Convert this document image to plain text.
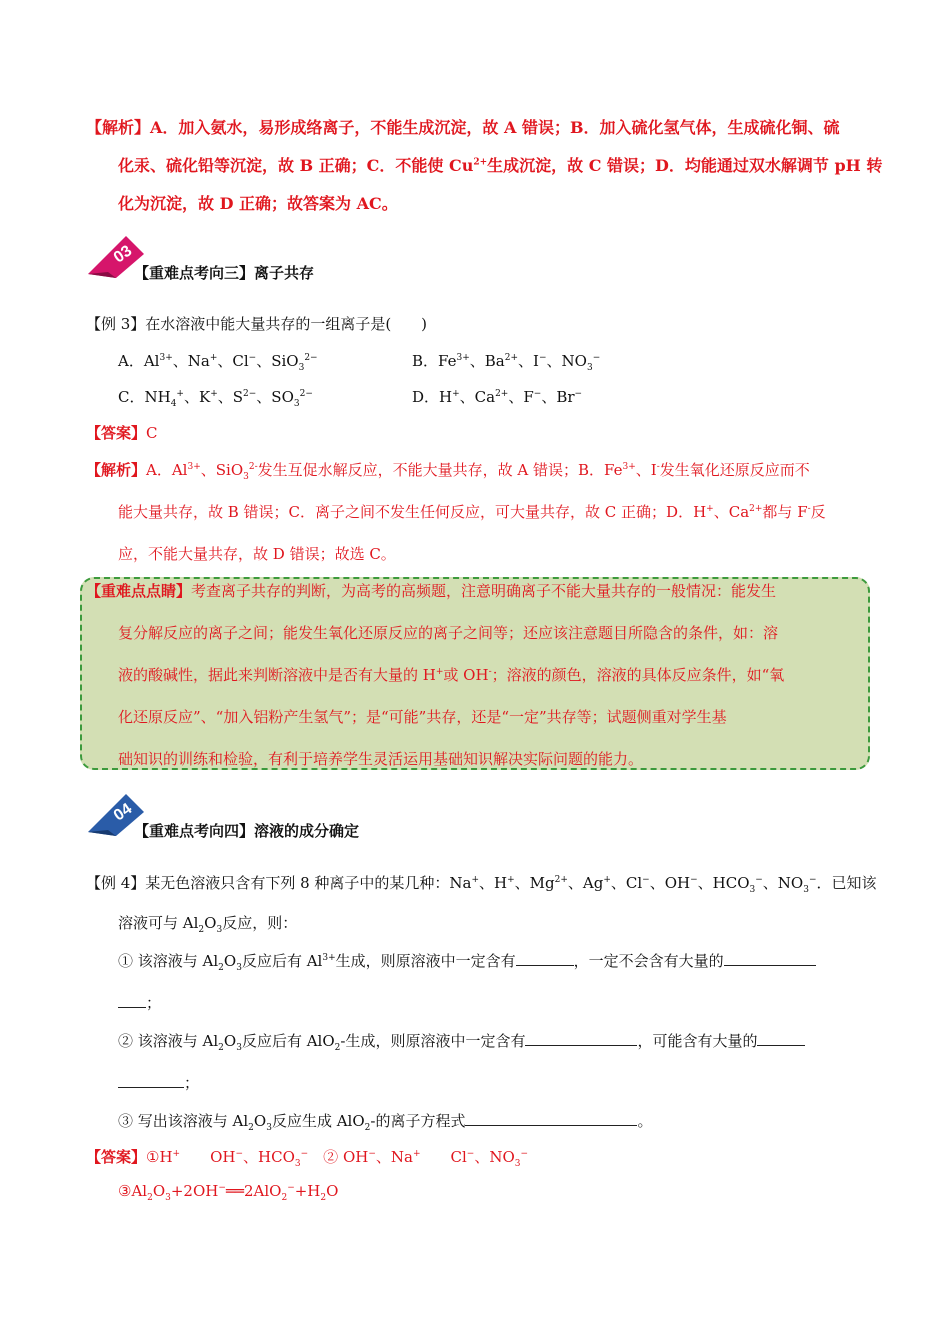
【解析】A．加入氨水，易形成络离子，不能生成沉淀，故 A 错误；B．加入硫化氢气体，生成硫化铜、硫
化汞、硫化铅等沉淀，故 B 正确；C．不能使 $Cu^{2+}$生成沉淀，故 C 错误；D．均能通过双水解调节 pH 转
化为沉淀，故 D 正确；故答案为 AC。
03
【重难点考向三】离子共存
【例 3】在水溶液中能大量共存的一组离子是(　　)
A．$Al^{3+}$、Na+、Cl−、SiO$_3^{2-}$	B．$Fe^{3+}$、$Ba^{2+}$、I−、$NO_3^-$
C．$NH_4^+$、K+、$S^{2-}$、$SO_3^{2-}$	D．H+、$Ca^{2+}$、F−、Br−
【答案】C
【解析】A．$Al^{3+}$、SiO$_3^{2-}$发生互促水解反应，不能大量共存，故 A 错误；B．$Fe^{3+}$、I-发生氧化还原反应而不
能大量共存，故 B 错误；C．离子之间不发生任何反应，可大量共存，故 C 正确；D．H+、$Ca^{2+}$都与 F-反
应，不能大量共存，故 D 错误；故选 C。
【重难点点睛】考查离子共存的判断，为高考的高频题，注意明确离子不能大量共存的一般情况：能发生
复分解反应的离子之间；能发生氧化还原反应的离子之间等；还应该注意题目所隐含的条件，如：溶
液的酸碱性，据此来判断溶液中是否有大量的 H+或 OH-；溶液的颜色，溶液的具体反应条件，如“氧
化还原反应”、“加入铝粉产生氢气”；是“可能”共存，还是“一定”共存等；试题侧重对学生基
础知识的训练和检验，有利于培养学生灵活运用基础知识解决实际问题的能力。
04
【重难点考向四】溶液的成分确定
【例 4】某无色溶液只含有下列 8 种离子中的某几种：Na+、H+、$Mg^{2+}$、Ag+、Cl−、OH−、$HCO_3^-$、$NO_3^-$．已知该
溶液可与 $Al_2O_3$反应，则：
① 该溶液与 $Al_2O_3$反应后有 $Al^{3+}$生成，则原溶液中一定含有	，一定不会含有大量的
；
② 该溶液与 $Al_2O_3$反应后有 AlO$_2$-生成，则原溶液中一定含有	，可能含有大量的
；
③ 写出该溶液与 $Al_2O_3$反应生成 AlO$_2$-的离子方程式	。
【答案】①H+　　OH−、$HCO_3^-$　② OH−、Na+　　Cl−、$NO_3^-$
$③Al_2O_3+2OH^-══2AlO_2^-+H_2O$
